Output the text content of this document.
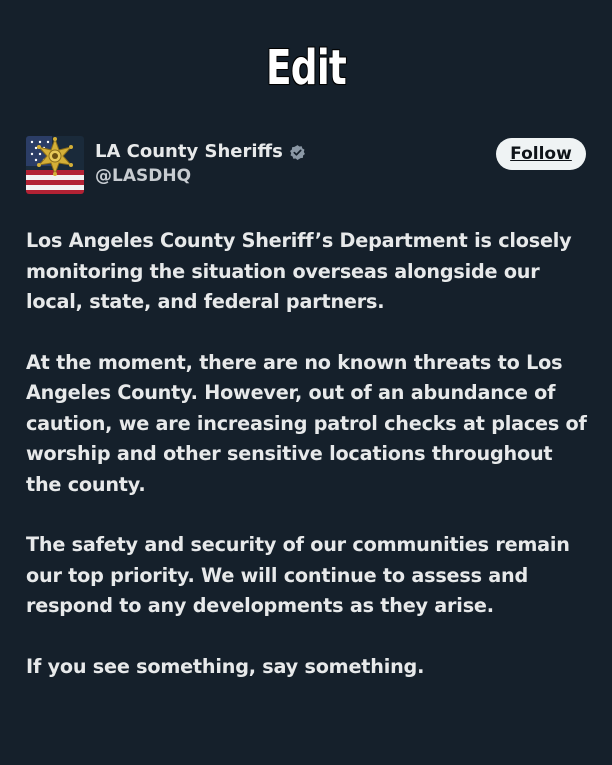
Edit
LA County Sheriffs
@LASDHQ
Follow

Los Angeles County Sheriff’s Department is closely monitoring the situation overseas alongside our local, state, and federal partners.

At the moment, there are no known threats to Los Angeles County. However, out of an abundance of caution, we are increasing patrol checks at places of worship and other sensitive locations throughout the county.

The safety and security of our communities remain our top priority. We will continue to assess and respond to any developments as they arise.

If you see something, say something.
